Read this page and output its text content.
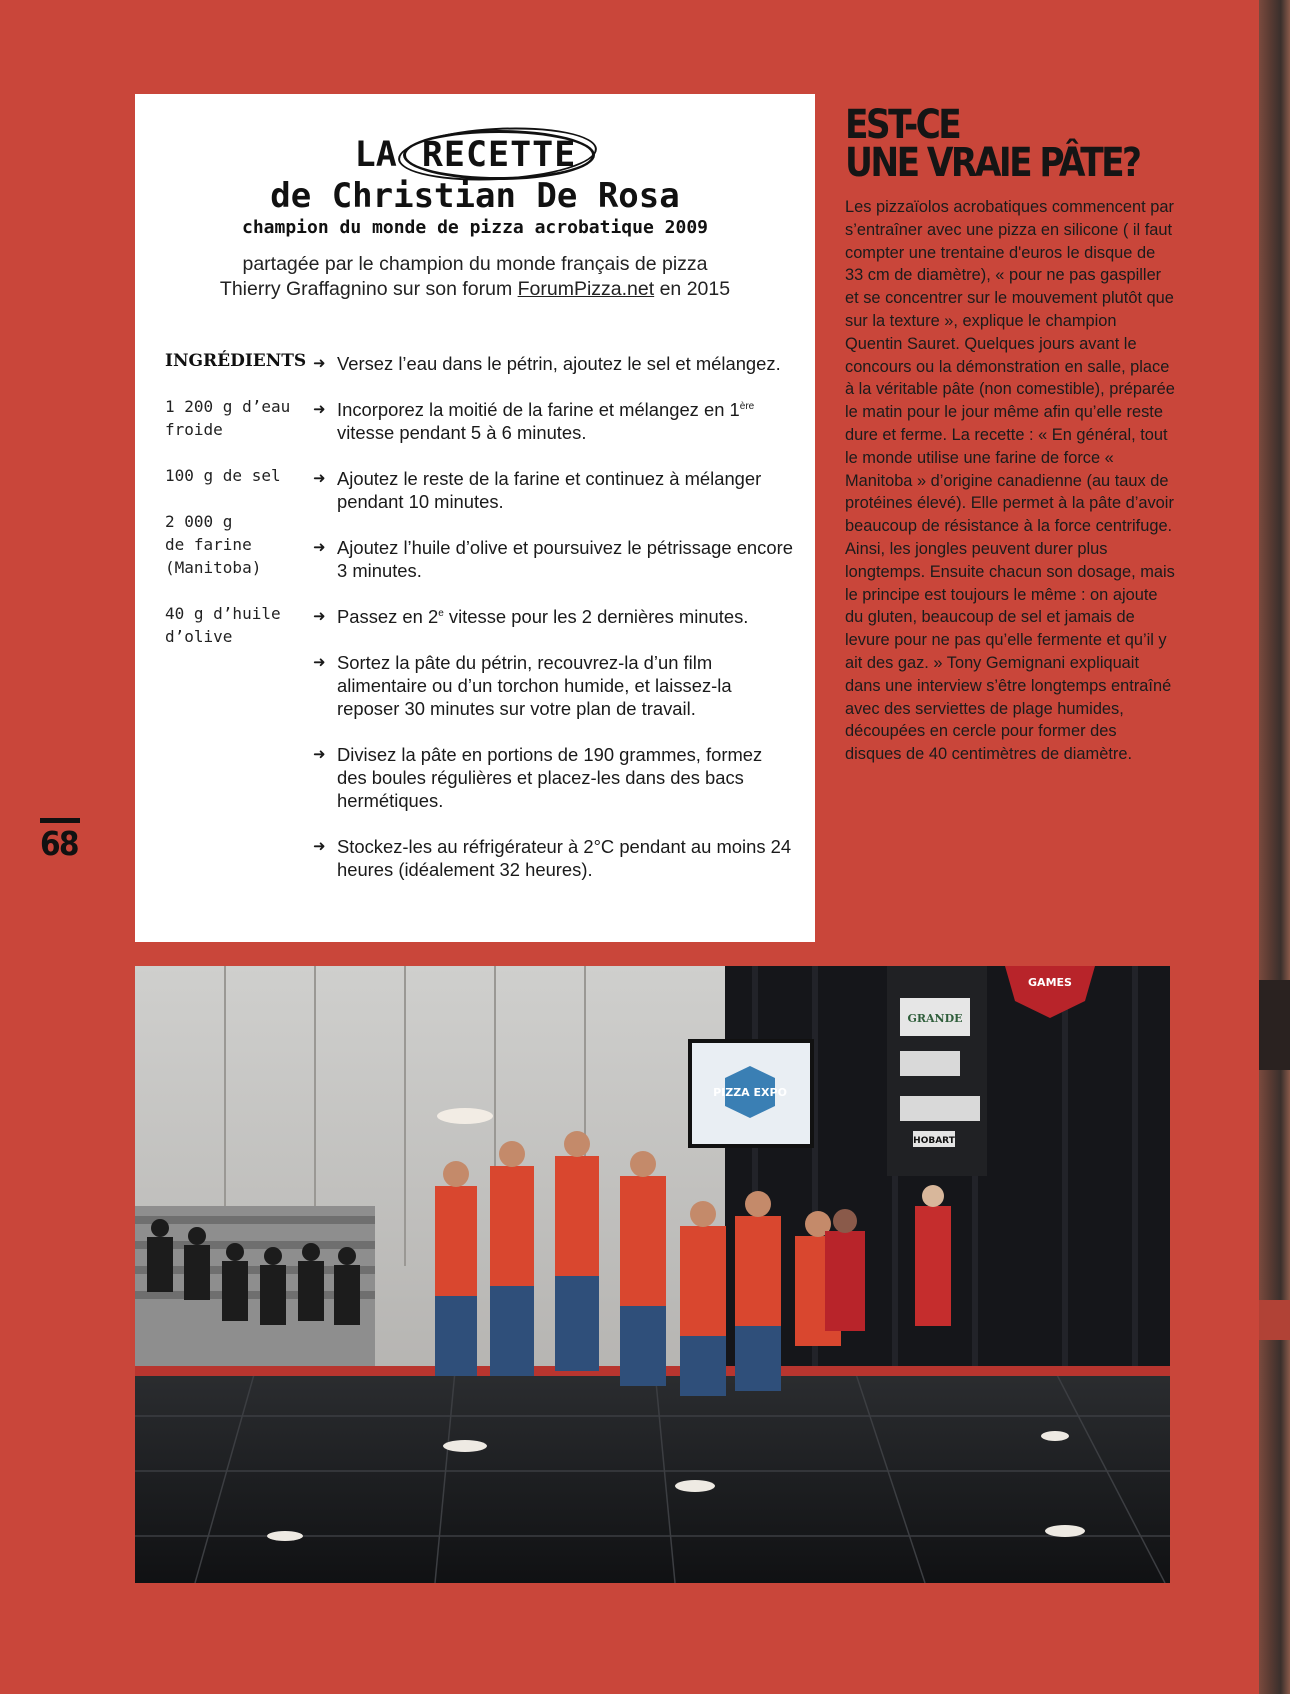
68
LA RECETTE
de Christian De Rosa
champion du monde de pizza acrobatique 2009
partagée par le champion du monde français de pizza
Thierry Graffagnino sur son forum ForumPizza.net en 2015
INGRÉDIENTS
1 200 g d’eau froide
100 g de sel
2 000 g
de farine
(Manitoba)
40 g d’huile d’olive
➜ Versez l’eau dans le pétrin, ajoutez le sel et mélangez.
➜ Incorporez la moitié de la farine et mélangez en 1ère vitesse pendant 5 à 6 minutes.
➜ Ajoutez le reste de la farine et continuez à mélanger pendant 10 minutes.
➜ Ajoutez l’huile d’olive et poursuivez le pétrissage encore 3 minutes.
➜ Passez en 2e vitesse pour les 2 dernières minutes.
➜ Sortez la pâte du pétrin, recouvrez-la d’un film alimentaire ou d’un torchon humide, et laissez-la reposer 30 minutes sur votre plan de travail.
➜ Divisez la pâte en portions de 190 grammes, formez des boules régulières et placez-les dans des bacs hermétiques.
➜ Stockez-les au réfrigérateur à 2°C pendant au moins 24 heures (idéalement 32 heures).
EST-CE
UNE VRAIE PÂTE?
Les pizzaïolos acrobatiques commencent par s’entraîner avec une pizza en silicone ( il faut compter une trentaine d'euros le disque de 33 cm de diamètre), « pour ne pas gaspiller et se concentrer sur le mouvement plutôt que sur la texture », explique le champion Quentin Sauret. Quelques jours avant le concours ou la démonstration en salle, place à la véritable pâte (non comestible), préparée le matin pour le jour même afin qu’elle reste dure et ferme. La recette : « En général, tout le monde utilise une farine de force « Manitoba » d’origine canadienne (au taux de protéines élevé). Elle permet à la pâte d’avoir beaucoup de résistance à la force centrifuge. Ainsi, les jongles peuvent durer plus longtemps. Ensuite chacun son dosage, mais le principe est toujours le même : on ajoute du gluten, beaucoup de sel et jamais de levure pour ne pas qu’elle fermente et qu’il y ait des gaz. » Tony Gemignani expliquait dans une interview s’être longtemps entraîné avec des serviettes de plage humides, découpées en cercle pour former des disques de 40 centimètres de diamètre.
PIZZA EXPO
GRANDE
HOBART
GAMES
